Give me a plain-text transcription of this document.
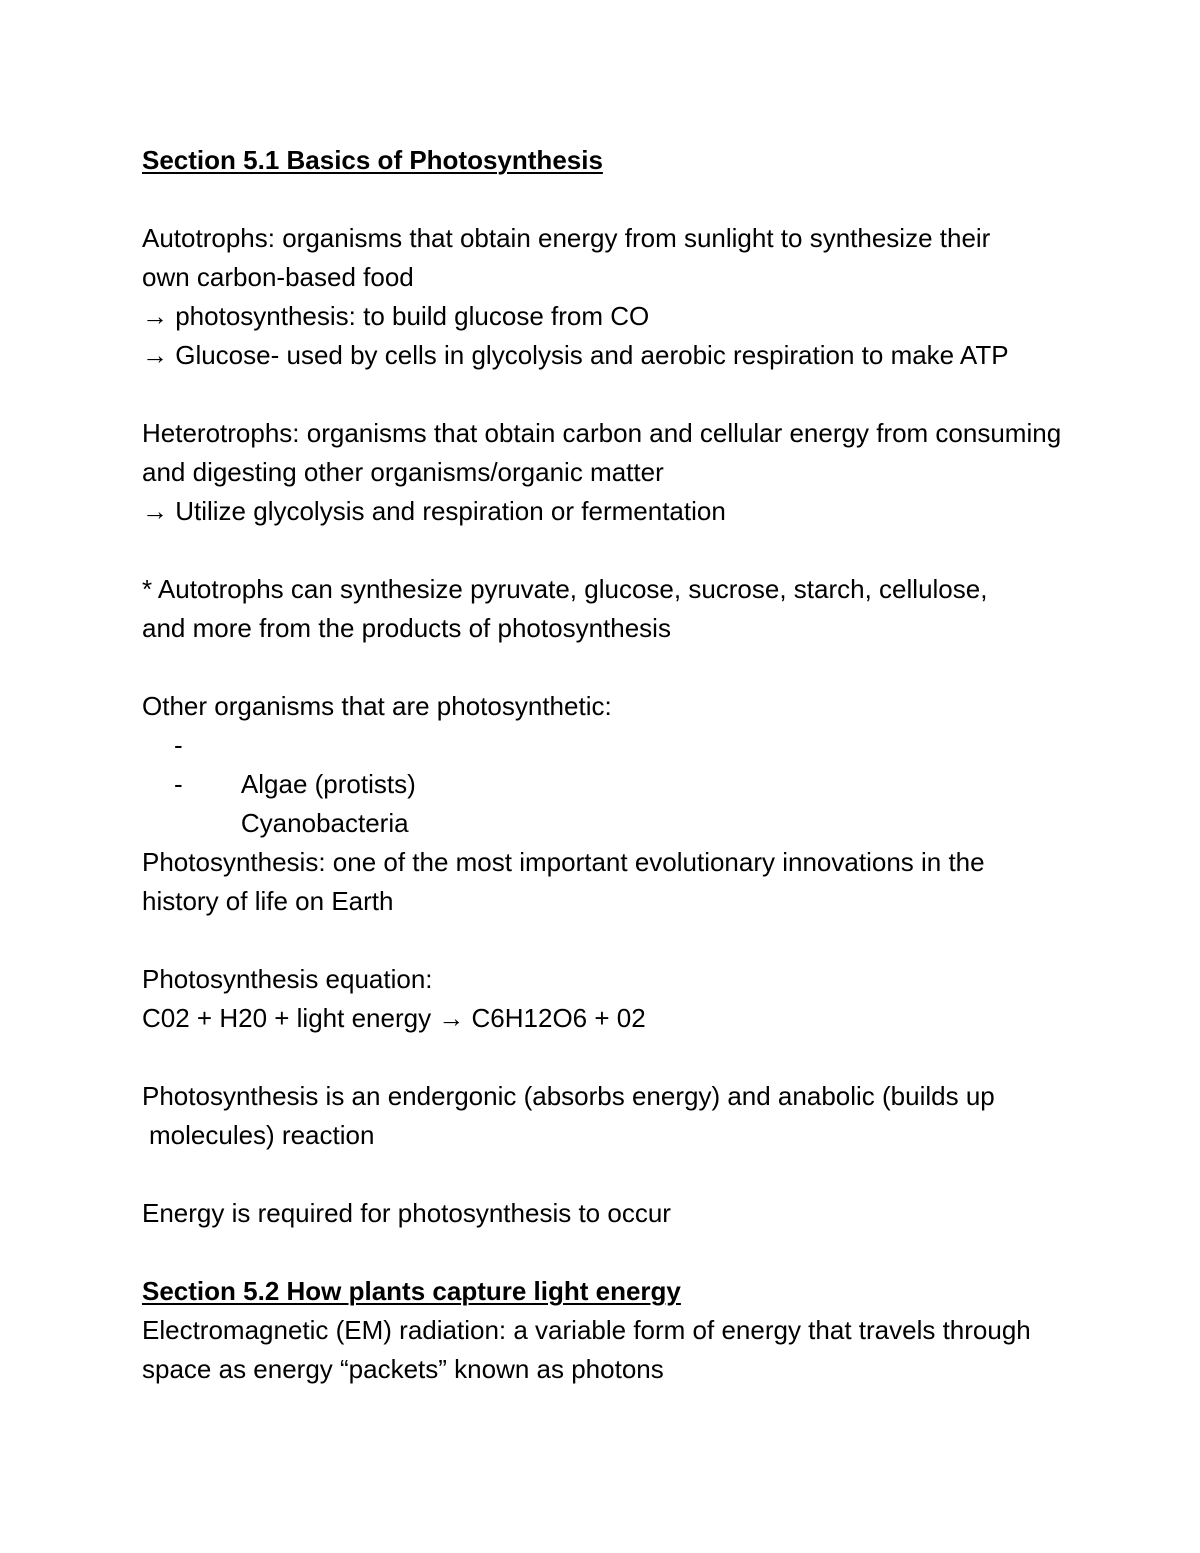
Section 5.1 Basics of Photosynthesis
Autotrophs: organisms that obtain energy from sunlight to synthesize their
own carbon-based food
→ photosynthesis: to build glucose from CO
→ Glucose- used by cells in glycolysis and aerobic respiration to make ATP
Heterotrophs: organisms that obtain carbon and cellular energy from consuming
and digesting other organisms/organic matter
→ Utilize glycolysis and respiration or fermentation
* Autotrophs can synthesize pyruvate, glucose, sucrose, starch, cellulose,
and more from the products of photosynthesis
Other organisms that are photosynthetic:

-
Algae (protists)

-
Cyanobacteria

Photosynthesis: one of the most important evolutionary innovations in the
history of life on Earth
Photosynthesis equation:
C02 + H20 + light energy → C6H12O6 + 02
Photosynthesis is an endergonic (absorbs energy) and anabolic (builds up
molecules) reaction
Energy is required for photosynthesis to occur
Section 5.2 How plants capture light energy
Electromagnetic (EM) radiation: a variable form of energy that travels through
space as energy “packets” known as photons
